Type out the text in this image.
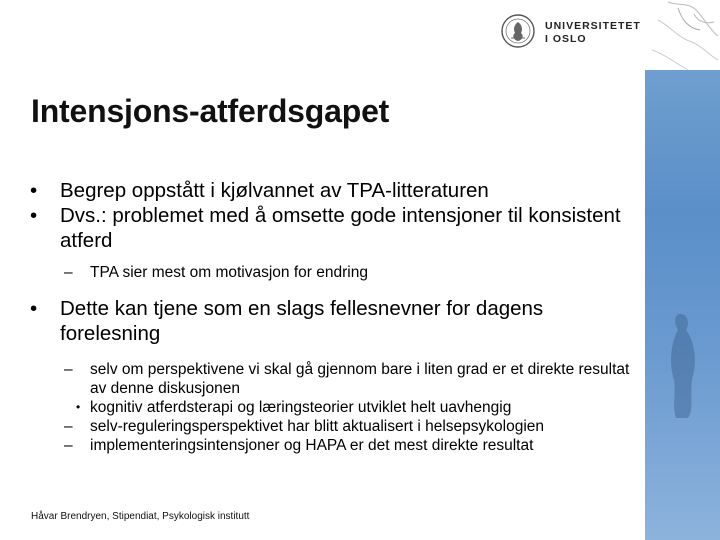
UNIVERSITETET
I OSLO
Intensjons-atferdsgapet

• Begrep oppstått i kjølvannet av TPA-litteraturen

• Dvs.: problemet med å omsette gode intensjoner til konsistent atferd

– TPA sier mest om motivasjon for endring

• Dette kan tjene som en slags fellesnevner for dagens forelesning

– selv om perspektivene vi skal gå gjennom bare i liten grad er et direkte resultat av denne diskusjonen

• kognitiv atferdsterapi og læringsteorier utviklet helt uavhengig

– selv-reguleringsperspektivet har blitt aktualisert i helsepsykologien

– implementeringsintensjoner og HAPA er det mest direkte resultat

Håvar Brendryen, Stipendiat, Psykologisk institutt
